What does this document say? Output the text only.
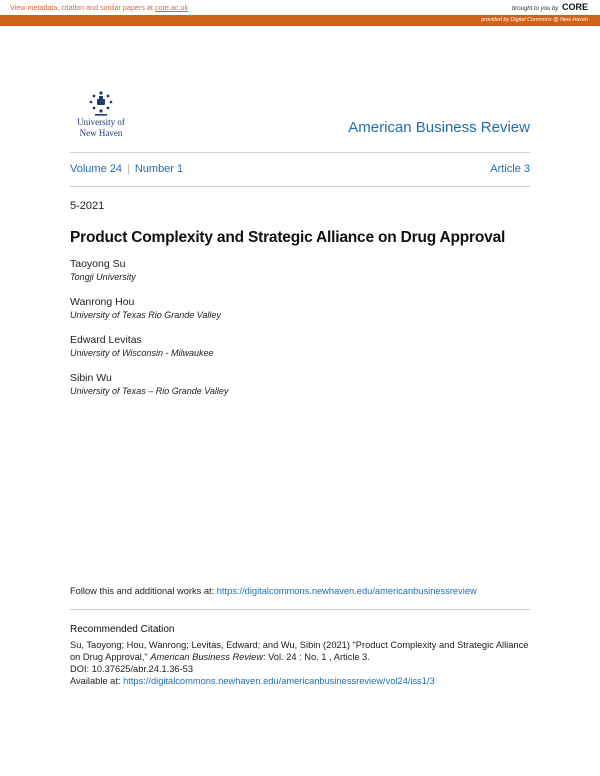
View metadata, citation and similar papers at core.ac.uk	brought to you by CORE
provided by Digital Commons @ New Haven
University of
New Haven	American Business Review
Volume 24 | Number 1	Article 3
5-2021
Product Complexity and Strategic Alliance on Drug Approval
Taoyong Su
Tongji University
Wanrong Hou
University of Texas Rio Grande Valley
Edward Levitas
University of Wisconsin - Milwaukee
Sibin Wu
University of Texas – Rio Grande Valley
Follow this and additional works at: https://digitalcommons.newhaven.edu/americanbusinessreview
Recommended Citation
Su, Taoyong; Hou, Wanrong; Levitas, Edward; and Wu, Sibin (2021) "Product Complexity and Strategic Alliance on Drug Approval," American Business Review: Vol. 24 : No. 1 , Article 3.
DOI: 10.37625/abr.24.1.36-53
Available at: https://digitalcommons.newhaven.edu/americanbusinessreview/vol24/iss1/3
